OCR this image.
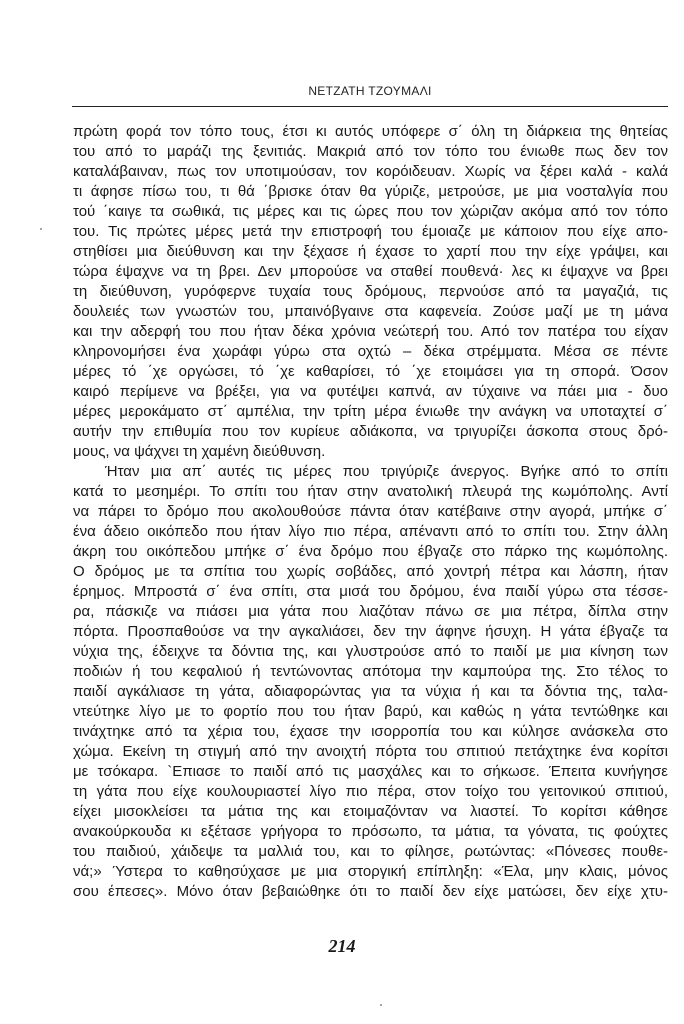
ΝΕΤΖΑΤΗ ΤΖΟΥΜΑΛΙ
πρώτη φορά τον τόπο τους, έτσι κι αυτός υπόφερε σ΄ όλη τη διάρκεια της θητείας
του από το μαράζι της ξενιτιάς. Μακριά από τον τόπο του ένιωθε πως δεν τον
καταλάβαιναν, πως τον υποτιμούσαν, τον κορόιδευαν. Χωρίς να ξέρει καλά - καλά
τι άφησε πίσω του, τι θά ΄βρισκε όταν θα γύριζε, μετρούσε, με μια νοσταλγία που
τού ΄καιγε τα σωθικά, τις μέρες και τις ώρες που τον χώριζαν ακόμα από τον τόπο
του. Τις πρώτες μέρες μετά την επιστροφή του έμοιαζε με κάποιον που είχε απο-
στηθίσει μια διεύθυνση και την ξέχασε ή έχασε το χαρτί που την είχε γράψει, και
τώρα έψαχνε να τη βρει. Δεν μπορούσε να σταθεί πουθενά· λες κι έψαχνε να βρει
τη διεύθυνση, γυρόφερνε τυχαία τους δρόμους, περνούσε από τα μαγαζιά, τις
δουλειές των γνωστών του, μπαινόβγαινε στα καφενεία. Ζούσε μαζί με τη μάνα
και την αδερφή του που ήταν δέκα χρόνια νεώτερή του. Από τον πατέρα του είχαν
κληρονομήσει ένα χωράφι γύρω στα οχτώ – δέκα στρέμματα. Μέσα σε πέντε
μέρες τό ΄χε οργώσει, τό ΄χε καθαρίσει, τό ΄χε ετοιμάσει για τη σπορά. Όσον
καιρό περίμενε να βρέξει, για να φυτέψει καπνά, αν τύχαινε να πάει μια - δυο
μέρες μεροκάματο στ΄ αμπέλια, την τρίτη μέρα ένιωθε την ανάγκη να υποταχτεί σ΄
αυτήν την επιθυμία που τον κυρίευε αδιάκοπα, να τριγυρίζει άσκοπα στους δρό-
μους, να ψάχνει τη χαμένη διεύθυνση.
Ήταν μια απ΄ αυτές τις μέρες που τριγύριζε άνεργος. Βγήκε από το σπίτι
κατά το μεσημέρι. Το σπίτι του ήταν στην ανατολική πλευρά της κωμόπολης. Αντί
να πάρει το δρόμο που ακολουθούσε πάντα όταν κατέβαινε στην αγορά, μπήκε σ΄
ένα άδειο οικόπεδο που ήταν λίγο πιο πέρα, απέναντι από το σπίτι του. Στην άλλη
άκρη του οικόπεδου μπήκε σ΄ ένα δρόμο που έβγαζε στο πάρκο της κωμόπολης.
Ο δρόμος με τα σπίτια του χωρίς σοβάδες, από χοντρή πέτρα και λάσπη, ήταν
έρημος. Μπροστά σ΄ ένα σπίτι, στα μισά του δρόμου, ένα παιδί γύρω στα τέσσε-
ρα, πάσκιζε να πιάσει μια γάτα που λιαζόταν πάνω σε μια πέτρα, δίπλα στην
πόρτα. Προσπαθούσε να την αγκαλιάσει, δεν την άφηνε ήσυχη. Η γάτα έβγαζε τα
νύχια της, έδειχνε τα δόντια της, και γλυστρούσε από το παιδί με μια κίνηση των
ποδιών ή του κεφαλιού ή τεντώνοντας απότομα την καμπούρα της. Στο τέλος το
παιδί αγκάλιασε τη γάτα, αδιαφορώντας για τα νύχια ή και τα δόντια της, ταλα-
ντεύτηκε λίγο με το φορτίο που του ήταν βαρύ, και καθώς η γάτα τεντώθηκε και
τινάχτηκε από τα χέρια του, έχασε την ισορροπία του και κύλησε ανάσκελα στο
χώμα. Εκείνη τη στιγμή από την ανοιχτή πόρτα του σπιτιού πετάχτηκε ένα κορίτσι
με τσόκαρα. `Επιασε το παιδί από τις μασχάλες και το σήκωσε. Έπειτα κυνήγησε
τη γάτα που είχε κουλουριαστεί λίγο πιο πέρα, στον τοίχο του γειτονικού σπιτιού,
είχει μισοκλείσει τα μάτια της και ετοιμαζόνταν να λιαστεί. Το κορίτσι κάθησε
ανακούρκουδα κι εξέτασε γρήγορα το πρόσωπο, τα μάτια, τα γόνατα, τις φούχτες
του παιδιού, χάιδεψε τα μαλλιά του, και το φίλησε, ρωτώντας: «Πόνεσες πουθε-
νά;» Ύστερα το καθησύχασε με μια στοργική επίπληξη: «Έλα, μην κλαις, μόνος
σου έπεσες». Μόνο όταν βεβαιώθηκε ότι το παιδί δεν είχε ματώσει, δεν είχε χτυ-
214
